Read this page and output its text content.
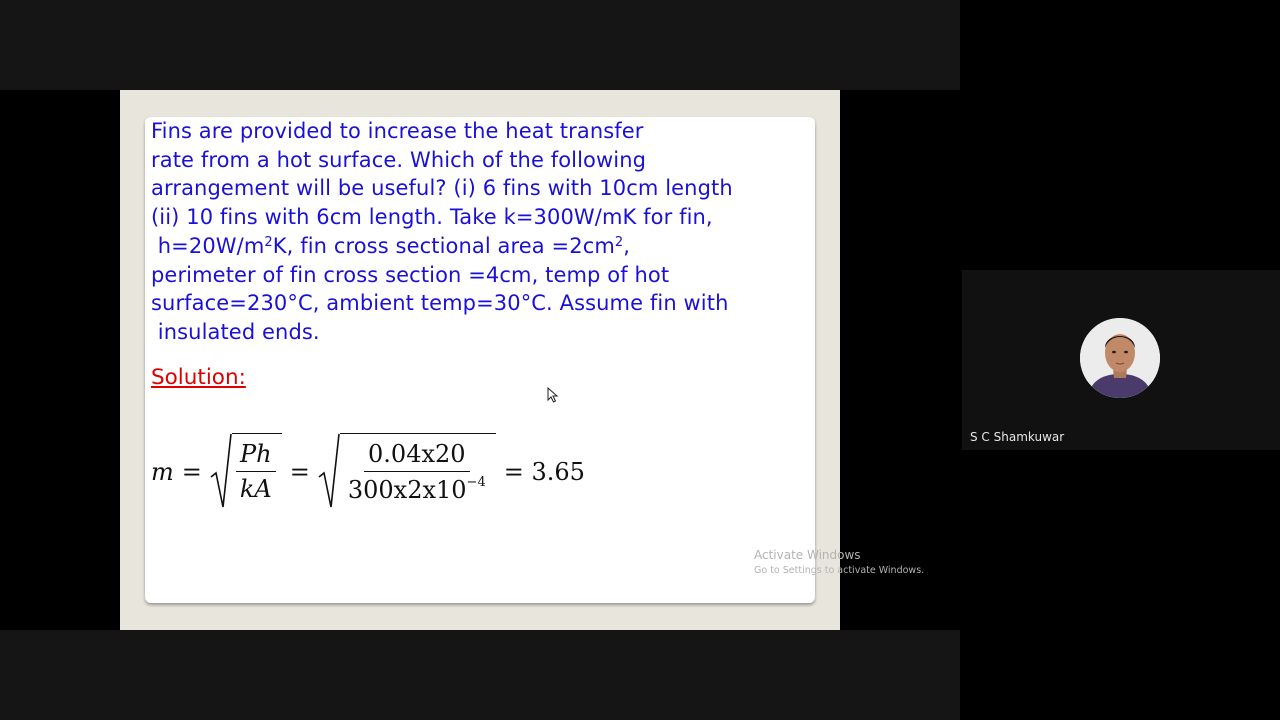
Fins are provided to increase the heat transfer
rate from a hot surface. Which of the following
arrangement will be useful? (i) 6 fins with 10cm length
(ii) 10 fins with 6cm length. Take k=300W/mK for fin,
$h=20W/m^2K$, fin cross sectional area $=2cm^2$,
perimeter of fin cross section =4cm, temp of hot
surface=230°C, ambient temp=30°C. Assume fin with
insulated ends.
Solution:
$m = \frac{Ph}{kA} = \frac{0.04x20}{300x2x10^{-4}} = 3.65$
Activate Windows
Go to Settings to activate Windows.
S C Shamkuwar
